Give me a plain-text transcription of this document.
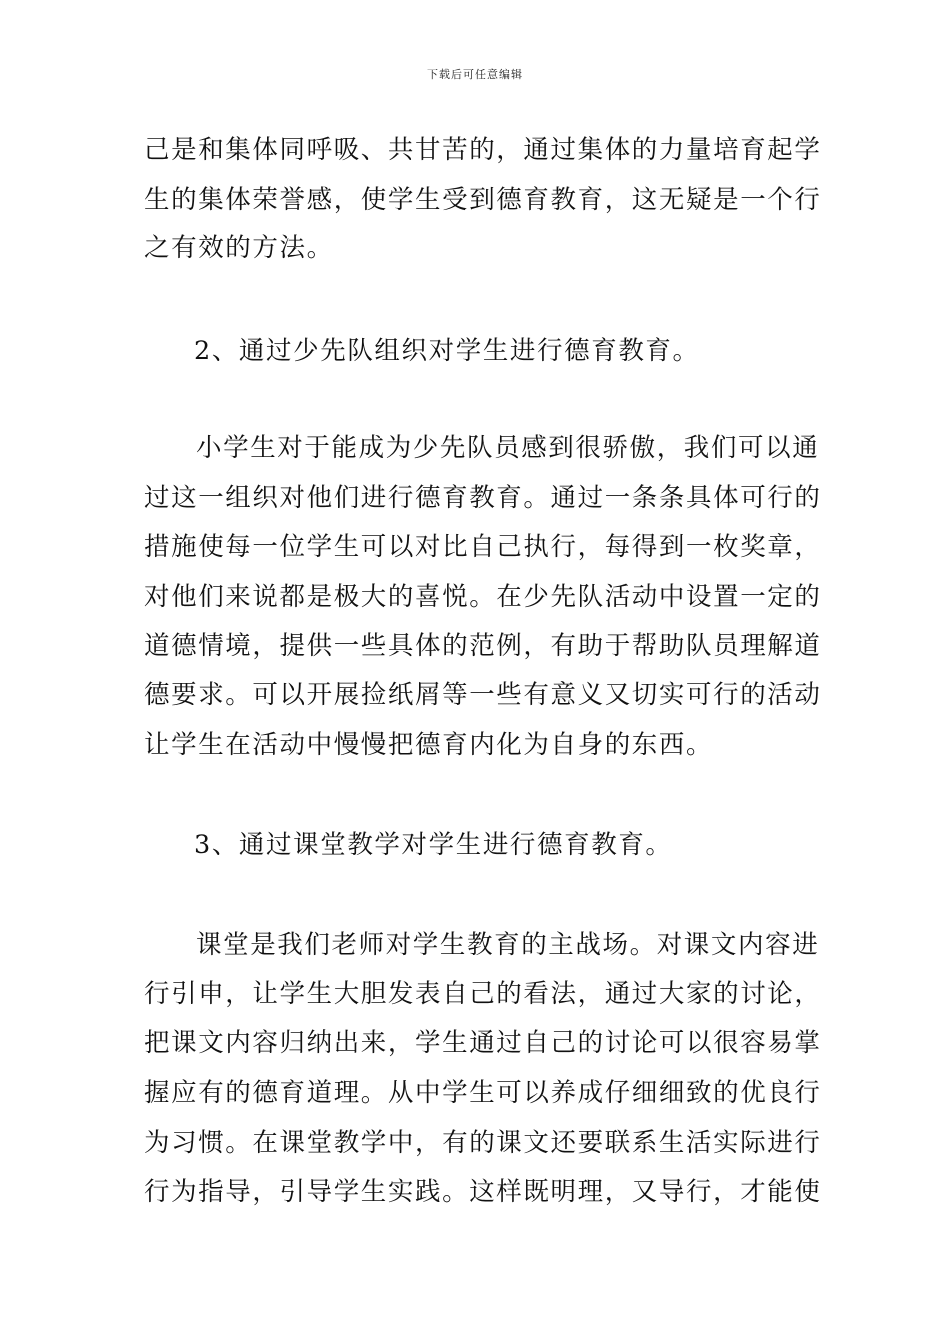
下载后可任意编辑
己是和集体同呼吸、共甘苦的，通过集体的力量培育起学
生的集体荣誉感，使学生受到德育教育，这无疑是一个行
之有效的方法。
2、通过少先队组织对学生进行德育教育。
小学生对于能成为少先队员感到很骄傲，我们可以通
过这一组织对他们进行德育教育。通过一条条具体可行的
措施使每一位学生可以对比自己执行，每得到一枚奖章，
对他们来说都是极大的喜悦。在少先队活动中设置一定的
道德情境，提供一些具体的范例，有助于帮助队员理解道
德要求。可以开展捡纸屑等一些有意义又切实可行的活动
让学生在活动中慢慢把德育内化为自身的东西。
3、通过课堂教学对学生进行德育教育。
课堂是我们老师对学生教育的主战场。对课文内容进
行引申，让学生大胆发表自己的看法，通过大家的讨论，
把课文内容归纳出来，学生通过自己的讨论可以很容易掌
握应有的德育道理。从中学生可以养成仔细细致的优良行
为习惯。在课堂教学中，有的课文还要联系生活实际进行
行为指导，引导学生实践。这样既明理，又导行，才能使
